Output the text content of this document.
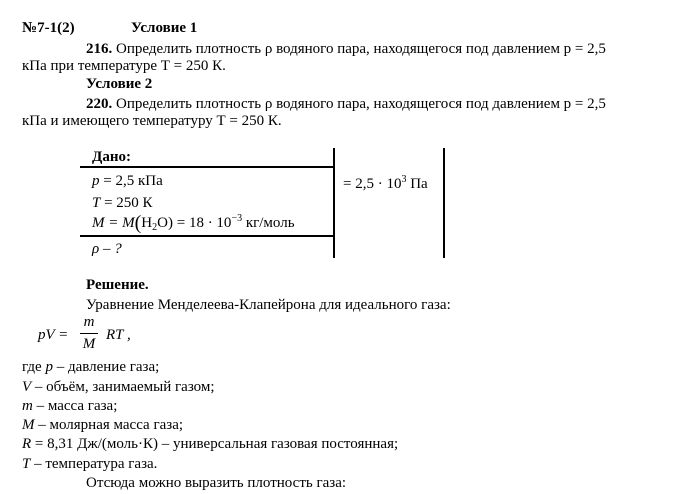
№7-1(2)	Условие 1
216. Определить плотность ρ водяного пара, находящегося под давлением р = 2,5
кПа при температуре Т = 250 К.
Условие 2
220. Определить плотность ρ водяного пара, находящегося под давлением р = 2,5
кПа и имеющего температуру Т = 250 К.
Дано:
p = 2,5 кПа
T = 250 К
$M = M(H_2O) = 18 \cdot 10^{-3}$ кг/моль
ρ – ?
= $2,5 \cdot 10^3$ Па
Решение.
Уравнение Менделеева-Клапейрона для идеального газа:
pV =
m
M
RT ,
где p – давление газа;
V – объём, занимаемый газом;
m – масса газа;
M – молярная масса газа;
R = 8,31 Дж/(моль·К) – универсальная газовая постоянная;
T – температура газа.
Отсюда можно выразить плотность газа:
